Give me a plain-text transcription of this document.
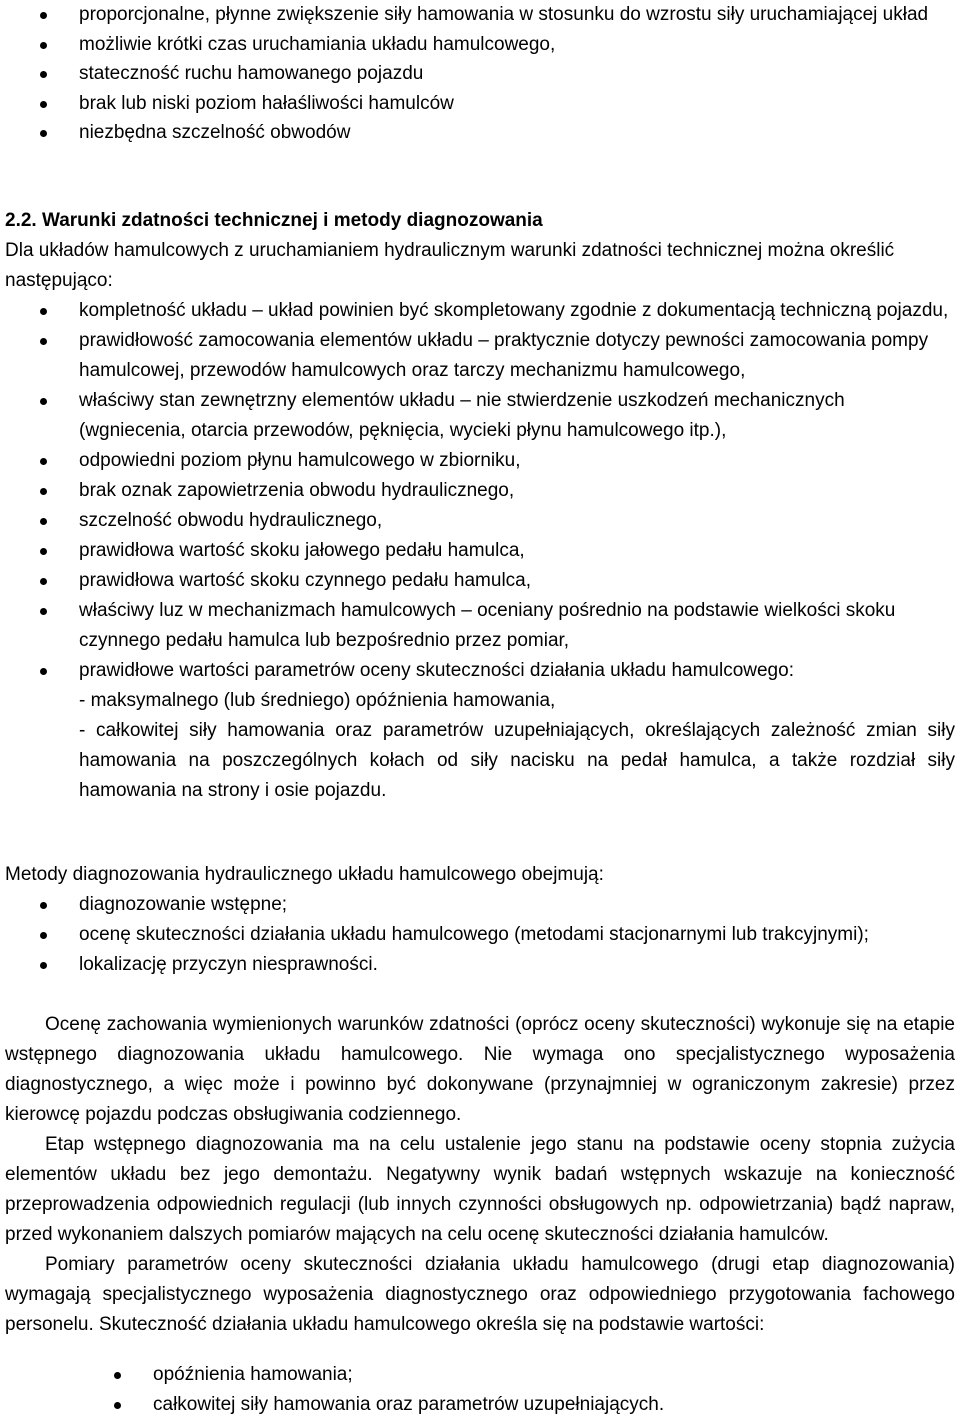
proporcjonalne, płynne zwiększenie siły hamowania w stosunku do wzrostu siły uruchamiającej układ
możliwie krótki czas uruchamiania układu hamulcowego,
stateczność ruchu hamowanego pojazdu
brak lub niski poziom hałaśliwości hamulców
niezbędna szczelność obwodów

2.2. Warunki zdatności technicznej i metody diagnozowania

Dla układów hamulcowych z uruchamianiem hydraulicznym warunki zdatności technicznej można określić następująco:

kompletność układu – układ powinien być skompletowany zgodnie z dokumentacją techniczną pojazdu,
prawidłowość zamocowania elementów układu – praktycznie dotyczy pewności zamocowania pompy hamulcowej, przewodów hamulcowych oraz tarczy mechanizmu hamulcowego,
właściwy stan zewnętrzny elementów układu – nie stwierdzenie uszkodzeń mechanicznych (wgniecenia, otarcia przewodów, pęknięcia, wycieki płynu hamulcowego itp.),
odpowiedni poziom płynu hamulcowego w zbiorniku,
brak oznak zapowietrzenia obwodu hydraulicznego,
szczelność obwodu hydraulicznego,
prawidłowa wartość skoku jałowego pedału hamulca,
prawidłowa wartość skoku czynnego pedału hamulca,
właściwy luz w mechanizmach hamulcowych – oceniany pośrednio na podstawie wielkości skoku czynnego pedału hamulca lub bezpośrednio przez pomiar,
prawidłowe wartości parametrów oceny skuteczności działania układu hamulcowego:

- maksymalnego (lub średniego) opóźnienia hamowania,

- całkowitej siły hamowania oraz parametrów uzupełniających, określających zależność zmian siły hamowania na poszczególnych kołach od siły nacisku na pedał hamulca, a także rozdział siły hamowania na strony i osie pojazdu.

Metody diagnozowania hydraulicznego układu hamulcowego obejmują:

diagnozowanie wstępne;
ocenę skuteczności działania układu hamulcowego (metodami stacjonarnymi lub trakcyjnymi);
lokalizację przyczyn niesprawności.

Ocenę zachowania wymienionych warunków zdatności (oprócz oceny skuteczności) wykonuje się na etapie wstępnego diagnozowania układu hamulcowego. Nie wymaga ono specjalistycznego wyposażenia diagnostycznego, a więc może i powinno być dokonywane (przynajmniej w ograniczonym zakresie) przez kierowcę pojazdu podczas obsługiwania codziennego.

Etap wstępnego diagnozowania ma na celu ustalenie jego stanu na podstawie oceny stopnia zużycia elementów układu bez jego demontażu. Negatywny wynik badań wstępnych wskazuje na konieczność przeprowadzenia odpowiednich regulacji (lub innych czynności obsługowych np. odpowietrzania) bądź napraw, przed wykonaniem dalszych pomiarów mających na celu ocenę skuteczności działania hamulców.

Pomiary parametrów oceny skuteczności działania układu hamulcowego (drugi etap diagnozowania) wymagają specjalistycznego wyposażenia diagnostycznego oraz odpowiedniego przygotowania fachowego personelu. Skuteczność działania układu hamulcowego określa się na podstawie wartości:

opóźnienia hamowania;
całkowitej siły hamowania oraz parametrów uzupełniających.
